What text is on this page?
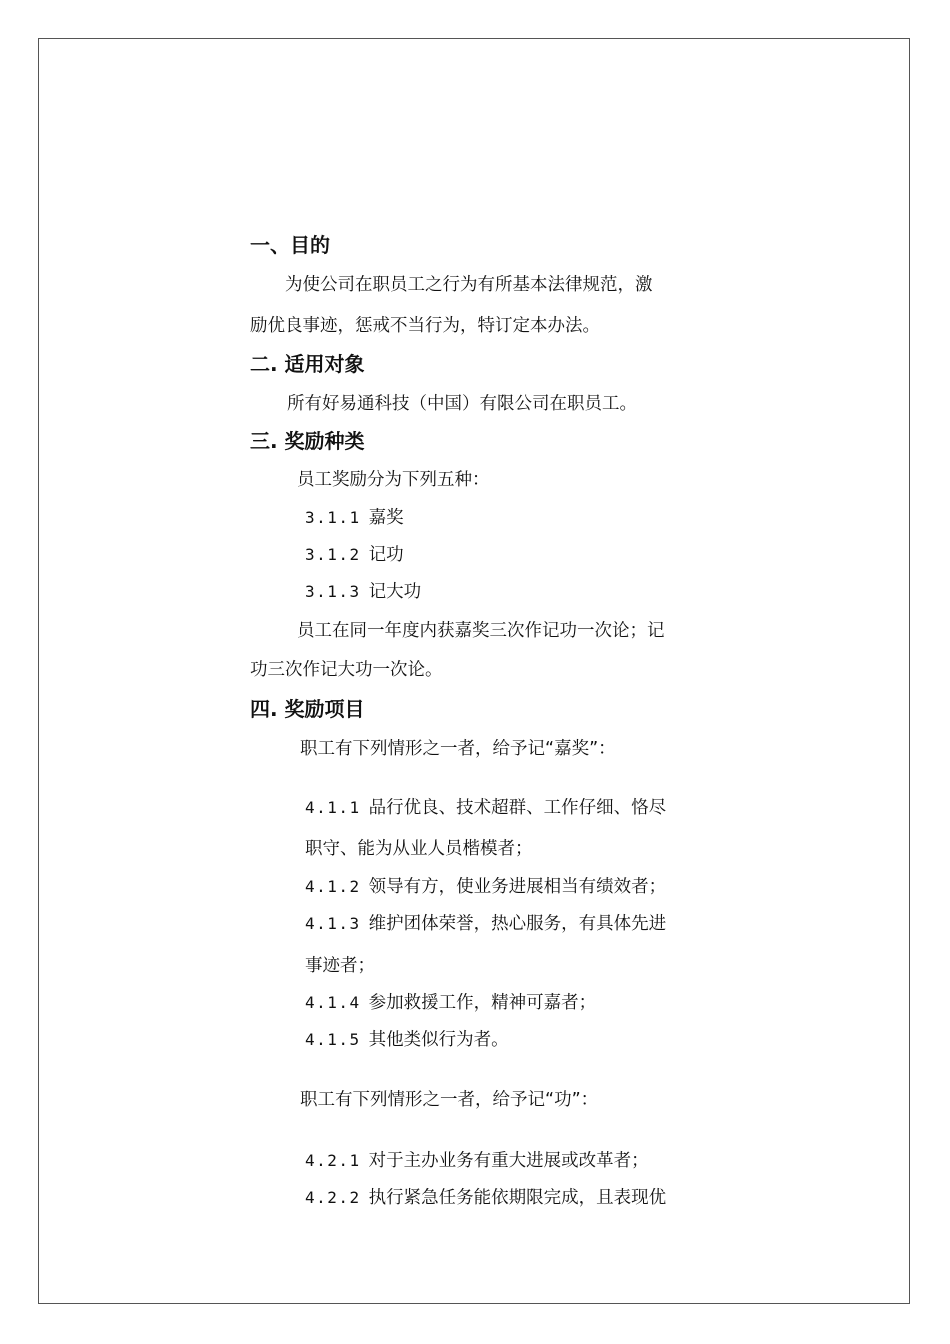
一、目的
为使公司在职员工之行为有所基本法律规范，激
励优良事迹，惩戒不当行为，特订定本办法。
二. 适用对象
所有好易通科技（中国）有限公司在职员工。
三. 奖励种类
员工奖励分为下列五种：
3.1.1 嘉奖
3.1.2 记功
3.1.3 记大功
员工在同一年度内获嘉奖三次作记功一次论；记
功三次作记大功一次论。
四. 奖励项目
职工有下列情形之一者，给予记“嘉奖”：
4.1.1 品行优良、技术超群、工作仔细、恪尽
职守、能为从业人员楷模者；
4.1.2 领导有方，使业务进展相当有绩效者；
4.1.3 维护团体荣誉，热心服务，有具体先进
事迹者；
4.1.4 参加救援工作，精神可嘉者；
4.1.5 其他类似行为者。
职工有下列情形之一者，给予记“功”：
4.2.1 对于主办业务有重大进展或改革者；
4.2.2 执行紧急任务能依期限完成，且表现优
